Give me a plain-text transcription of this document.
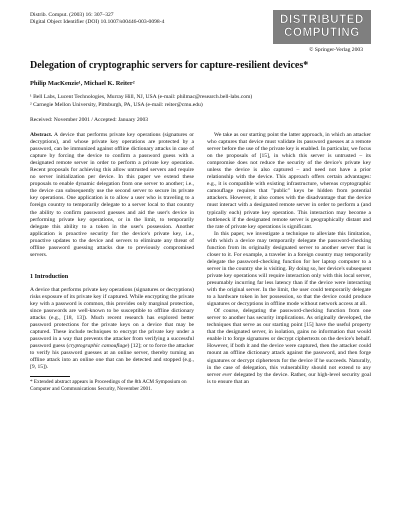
Distrib. Comput. (2003) 16: 307–327
Digital Object Identifier (DOI) 10.1007/s00446-003-0098-4	DISTRIBUTED
COMPUTING
© Springer-Verlag 2003
Delegation of cryptographic servers for capture-resilient devices*
Philip MacKenzie¹, Michael K. Reiter²
¹ Bell Labs, Lucent Technologies, Murray Hill, NJ, USA (e-mail: philmac@research.bell-labs.com)
² Carnegie Mellon University, Pittsburgh, PA, USA (e-mail: reiter@cmu.edu)
Received: November 2001 / Accepted: January 2003

Abstract. A device that performs private key operations (signatures or decryptions), and whose private key operations are protected by a password, can be immunized against offline dictionary attacks in case of capture by forcing the device to confirm a password guess with a designated remote server in order to perform a private key operation. Recent proposals for achieving this allow untrusted servers and require no server initialization per device. In this paper we extend these proposals to enable dynamic delegation from one server to another; i.e., the device can subsequently use the second server to secure its private key operations. One application is to allow a user who is traveling to a foreign country to temporarily delegate to a server local to that country the ability to confirm password guesses and aid the user's device in performing private key operations, or in the limit, to temporarily delegate this ability to a token in the user's possession. Another application is proactive security for the device's private key, i.e., proactive updates to the device and servers to eliminate any threat of offline password guessing attacks due to previously compromised servers.

1 Introduction

A device that performs private key operations (signatures or decryptions) risks exposure of its private key if captured. While encrypting the private key with a password is common, this provides only marginal protection, since passwords are well-known to be susceptible to offline dictionary attacks (e.g., [18, 13]). Much recent research has explored better password protections for the private keys on a device that may be captured. These include techniques to encrypt the private key under a password in a way that prevents the attacker from verifying a successful password guess (cryptographic camouflage) [12]; or to force the attacker to verify his password guesses at an online server, thereby turning an offline attack into an online one that can be detected and stopped (e.g., [9, 15]).

* Extended abstract appears in Proceedings of the 8th ACM Symposium on Computer and Communications Security, November 2001.

We take as our starting point the latter approach, in which an attacker who captures that device must validate its password guesses at a remote server before the use of the private key is enabled. In particular, we focus on the proposals of [15], in which this server is untrusted – its compromise does not reduce the security of the device's private key unless the device is also captured – and need not have a prior relationship with the device. This approach offers certain advantages: e.g., it is compatible with existing infrastructure, whereas cryptographic camouflage requires that "public" keys be hidden from potential attackers. However, it also comes with the disadvantage that the device must interact with a designated remote server in order to perform a (and typically each) private key operation. This interaction may become a bottleneck if the designated remote server is geographically distant and the rate of private key operations is significant.

In this paper, we investigate a technique to alleviate this limitation, with which a device may temporarily delegate the password-checking function from its originally designated server to another server that is closer to it. For example, a traveler in a foreign country may temporarily delegate the password-checking function for her laptop computer to a server in the country she is visiting. By doing so, her device's subsequent private key operations will require interaction only with this local server, presumably incurring far less latency than if the device were interacting with the original server. In the limit, the user could temporarily delegate to a hardware token in her possession, so that the device could produce signatures or decryptions in offline mode without network access at all.

Of course, delegating the password-checking function from one server to another has security implications. As originally developed, the techniques that serve as our starting point [15] have the useful property that the designated server, in isolation, gains no information that would enable it to forge signatures or decrypt ciphertexts on the device's behalf. However, if both it and the device were captured, then the attacker could mount an offline dictionary attack against the password, and then forge signatures or decrypt ciphertexts for the device if he succeeds. Naturally, in the case of delegation, this vulnerability should not extend to any server ever delegated by the device. Rather, our high-level security goal is to ensure that an
